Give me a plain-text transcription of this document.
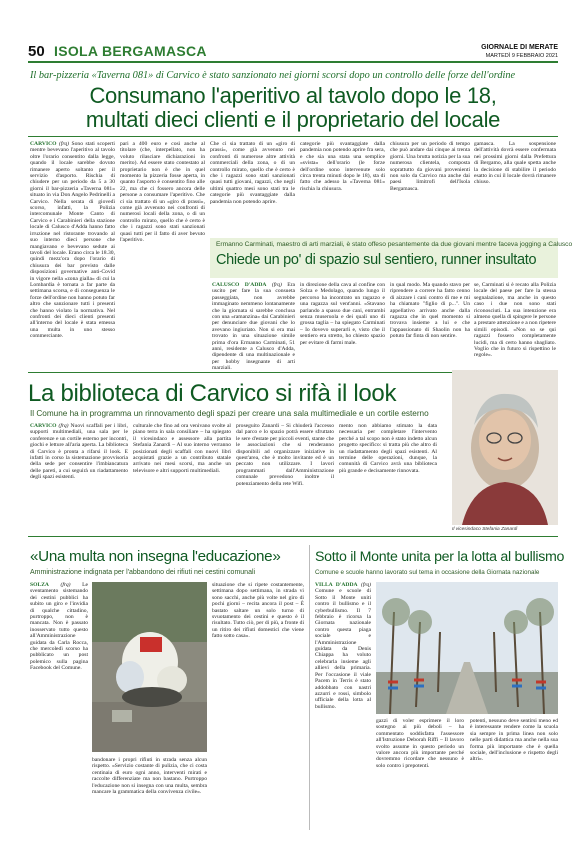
50 ISOLA BERGAMASCA	GIORNALE DI MERATE
MARTEDÌ 9 FEBBRAIO 2021
Il bar-pizzeria «Taverna 081» di Carvico è stato sanzionato nei giorni scorsi dopo un controllo delle forze dell'ordine
Consumano l'aperitivo al tavolo dopo le 18,
multati dieci clienti e il proprietario del locale
CARVICO (frq) Sono stati scoperti mentre bevevano l'aperitivo al tavolo oltre l'orario consentito dalla legge, quando il locale sarebbe dovuto rimanere aperto soltanto per il servizio d'asporto. Rischia di chiudere per un periodo da 5 a 30 giorni il bar-pizzeria «Taverna 081» situato in via Don Angelo Pedrinelli a Carvico. Nella serata di giovedì scorso, infatti, la Polizia intercomunale Monte Canto di Carvico e i Carabinieri della stazione locale di Calusco d'Adda hanno fatto irruzione nel ristorante trovando al suo interno dieci persone che mangiavano e bevevano sedute ai tavoli del locale. Erano circa le 18.30, quindi mezz'ora dopo l'orario di chiusura dei bar previsto dalle disposizioni governative anti-Covid in vigore nella «zona gialla» di cui la Lombardia è tornata a far parte da settimana scorsa, e di conseguenza le forze dell'ordine non hanno potuto far altro che sanzionare tutti i presenti che hanno violato la normativa. Nel confronti dei dieci clienti presenti all'interno del locale è stata emessa una multa in uno stesso commerciante.
pari a 400 euro e così anche al titolare (che, interpellato, non ha voluto rilasciare dichiarazioni in merito). Ad essere stato contestato al proprietario non è che in quel momento la pizzeria fosse aperta, in quanto l'asporto è consentito fino alle 22, ma che ci fossero ancora delle persone a consumare l'aperitivo. Che ci sia trattato di un «giro di prassi», come già avvenuto nei confronti di numerosi locali della zona, o di un controllo mirato, quello che è certo è che i ragazzi sono stati sanzionati quasi tutti per il fatto di aver bevuto l'aperitivo.
Che ci sia trattato di un «giro di prassi», come già avvenuto nei confronti di numerose altre attività commerciali della zona, o di un controllo mirato, quello che è certo è che i ragazzi sono stati sanzionati quasi tutti giovani, ragazzi, che negli ultimi quattro mesi sono stati tra le categorie più svantaggiate dalla pandemia non potendo aprire.
categorie più svantaggiate dalla pandemia non potendo aprire fra sera, e che sia una stata una semplice «svista» dell'orario (le forze dell'ordine sono intervenute solo circa trenta minuti dopo le 18), sta di fatto che adesso la «Taverna 081» rischia la chiusura.
chiusura per un periodo di tempo che può andare dai cinque ai trenta giorni. Una brutta notizia per la sua numerosa clientela, composta soprattutto da giovani provenienti non solo da Carvico ma anche dai paesi limitrofi dell'Isola Bergamasca.
gamasca. La sospensione dell'attività dovrà essere confermata nei prossimi giorni dalla Prefettura di Bergamo, alla quale spetta anche la decisione di stabilire il periodo esatto in cui il locale dovrà rimanere chiuso.
Ermanno Carminati, maestro di arti marziali, è stato offeso pesantemente da due giovani mentre faceva jogging a Calusco
Chiede un po' di spazio sul sentiero, runner insultato
CALUSCO D'ADDA (frq) Era uscito per fare la sua consueta passeggiata, non avrebbe immaginato nemmeno lontanamente che la giornata si sarebbe conclusa con una «ramanzina» dai Carabinieri per denunciare due giovani che lo avevano ingiuriato. Non si era mai trovato in una situazione simile prima d'ora Ermanno Carminati, 51 anni, residente a Calusco d'Adda, dipendente di una multinazionale e per hobby insegnante di arti marziali.
in direzione della cava al confine con Solza e Medolago, quando lungo il percorso ha incontrato un ragazzo e una ragazza sul vent'anni. «Stavano parlando a spasso due cani, entrambi senza museruola e dei quali uno di grossa taglia – ha spiegato Carminati – Io dovevo superarli e, visto che il sentiero era stretto, ho chiesto spazio per evitare di farmi male.
in qual modo. Ma quando stavo per riprendere a correre ha fatto cenno di aizzare i cani contro di me e mi ha chiamato "figlio di p...". Un appellativo arrivato anche dalla ragazza che in quel momento si trovava insieme a lui e che l'appassionato di Shaolin non ha potuto far finta di non sentire.
se, Carminati si è recato alla Polizia locale del paese per fare la stessa segnalazione, ma anche in questo caso i due non sono stati riconosciuti. La sua intenzione era almeno quella di spingere le persone a prestare attenzione e a non ripetere simili episodi. «Non so se qui ragazzi fossero completamente lucidi, ma di certo hanno sbagliato. Voglio che in futuro si rispettino le regole».
La biblioteca di Carvico si rifà il look
Il Comune ha in programma un rinnovamento degli spazi per creare una sala multimediale e un cortile esterno
CARVICO (frq) Nuovi scaffali per i libri, supporti multimediali, una sala per le conferenze e un cortile esterno per incontri, giochi e letture all'aria aperta. La biblioteca di Carvico è pronta a rifarsi il look. E infatti in corso la sistemazione provvisoria della sede per consentire l'imbiancatura delle pareti, a cui seguirà un riadattamento degli spazi esistenti.
culturale che fino ad ora venivano svolte al piano terra in sala consiliare – ha spiegato il vicesindaco e assessore alla partita Stefania Zanardi – Al suo interno verranno posizionati degli scaffali con nuovi libri acquistati grazie a un contributo statale arrivato nei mesi scorsi, ma anche un televisore e altri supporti multimediali.
proseguito Zanardi – Si chiuderà l'accesso dal parco e lo spazio potrà essere sfruttato le sere d'estate per piccoli eventi, stante che le associazioni che si renderanno disponibili ad organizzare iniziative in quest'area, che è molto invitante ed è un peccato non utilizzare. I lavori programmati dall'Amministrazione comunale prevedono inoltre il potenziamento della rete Wifi.
mento non abbiamo stimato la data necessaria per completare l'intervento perché a tal scopo non è stato indetto alcun progetto specifico: si tratta più che altro di un riadattamento degli spazi esistenti. Al termine delle operazioni, dunque, la comunità di Carvico avrà una biblioteca più grande e decisamente rinnovata.
Il vicesindaco Stefania Zanardi
«Una multa non insegna l'educazione»
Amministrazione indignata per l'abbandono dei rifiuti nei cestini comunali
SOLZA (frq) Le sventamento sistemando dei cestini pubblici ha subito un giro e l'invidia di qualche cittadino, purtroppo, non è mancata. Non è passato inosservato tutto questo all'Amministrazione guidata da Carla Rocca, che mercoledì scorso ha pubblicato un post polemico sulla pagina Facebook del Comune.
bandonare i propri rifiuti in strada senza alcun rispetto. «Servizio costante di pulizia, che ci costa centinaia di euro ogni anno, interventi mirati e raccolte differenziate ma non bastano. Purtroppo l'educazione non si insegna con una multa, sembra mancare la grammatica della convivenza civile».
situazione che si ripete costantemente, settimana dopo settimana, in strada vi sono sacchi, anche più volte nel giro di pochi giorni – recita ancora il post – È bastato saltare un solo turno di svuotamento dei cestini e questo è il risultato. Tutto ciò, per di più, a fronte di un ritiro dei rifiuti domestici che viene fatto sotto casa».
Sotto il Monte unita per la lotta al bullismo
Comune e scuole hanno lavorato sul tema in occasione della Giornata nazionale
VILLA D'ADDA (frq) Comune e scuole di Sotto il Monte uniti contro il bullismo e il cyberbullismo. Il 7 febbraio è ricorsa la Giornata nazionale contro questa piaga sociale e l'Amministrazione guidata da Denis Chiappa ha voluto celebrarla insieme agli allievi della primaria. Per l'occasione il viale Pacem in Terris è stato addobbato con nastri azzurri e rossi, simbolo ufficiale della lotta al bullismo.
gazzi di voler esprimere il loro sostegno ai più deboli – ha commentato soddisfatta l'assessore all'Istruzione Deborah Riffi – Il lavoro svolto assume in questo periodo un valore ancora più importante perché dovremmo ricordare che nessuno è solo contro i prepotenti.
potenti, nessuno deve sentirsi meno ed è interessante rendere come la scuola sia sempre in prima linea non solo nelle parti didattica ma anche nella sua forma più importante che è quella sociale, dell'inclusione e rispetto degli altri».
